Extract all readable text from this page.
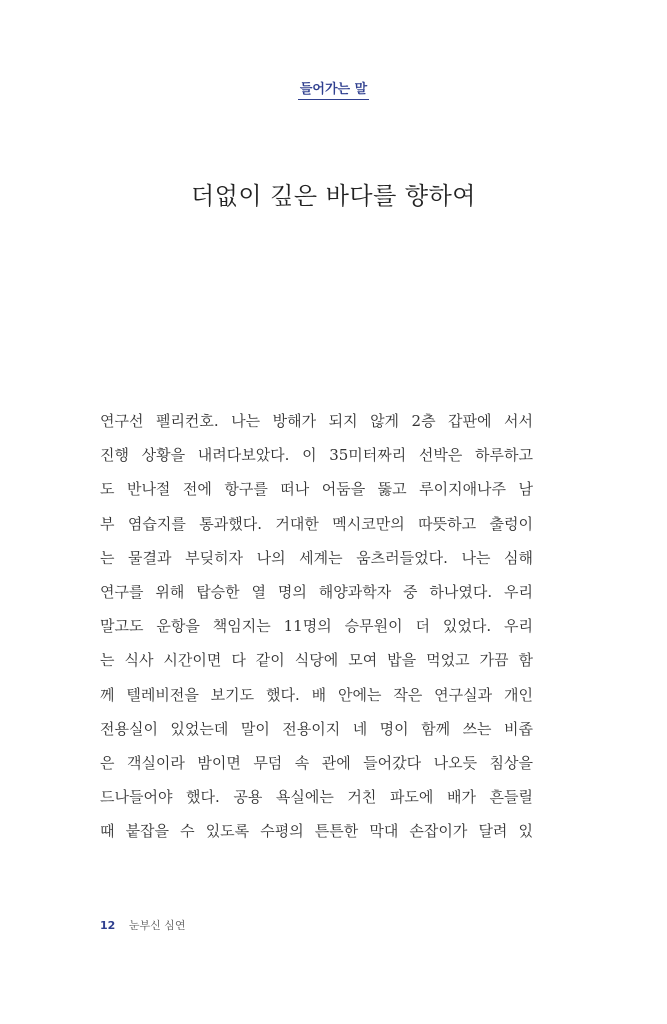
들어가는 말
더없이 깊은 바다를 향하여

연구선 펠리컨호. 나는 방해가 되지 않게 2층 갑판에 서서
진행 상황을 내려다보았다. 이 35미터짜리 선박은 하루하고
도 반나절 전에 항구를 떠나 어둠을 뚫고 루이지애나주 남
부 염습지를 통과했다. 거대한 멕시코만의 따뜻하고 출렁이
는 물결과 부딪히자 나의 세계는 움츠러들었다. 나는 심해
연구를 위해 탑승한 열 명의 해양과학자 중 하나였다. 우리
말고도 운항을 책임지는 11명의 승무원이 더 있었다. 우리
는 식사 시간이면 다 같이 식당에 모여 밥을 먹었고 가끔 함
께 텔레비전을 보기도 했다. 배 안에는 작은 연구실과 개인
전용실이 있었는데 말이 전용이지 네 명이 함께 쓰는 비좁
은 객실이라 밤이면 무덤 속 관에 들어갔다 나오듯 침상을
드나들어야 했다. 공용 욕실에는 거친 파도에 배가 흔들릴
때 붙잡을 수 있도록 수평의 튼튼한 막대 손잡이가 달려 있

12 눈부신 심연
